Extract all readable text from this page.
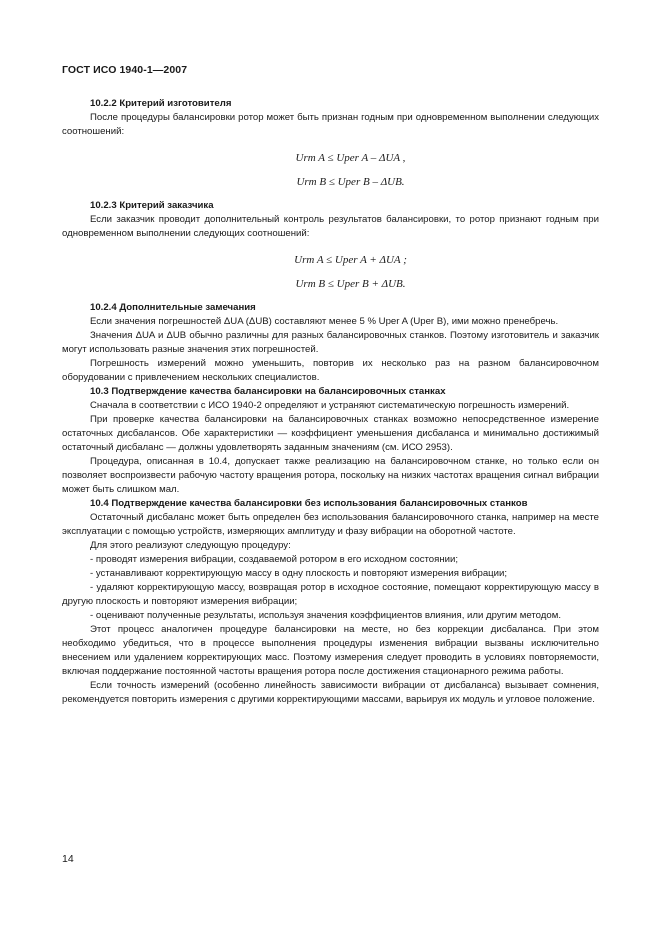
ГОСТ ИСО 1940-1—2007
10.2.2 Критерий изготовителя

После процедуры балансировки ротор может быть признан годным при одновременном выполнении следующих соотношений:

Urm A ≤ Uper A – ΔUA ,
Urm B ≤ Uper B – ΔUB.
10.2.3 Критерий заказчика

Если заказчик проводит дополнительный контроль результатов балансировки, то ротор признают годным при одновременном выполнении следующих соотношений:

Urm A ≤ Uper A + ΔUA ;
Urm B ≤ Uper B + ΔUB.
10.2.4 Дополнительные замечания

Если значения погрешностей ΔUA (ΔUB) составляют менее 5 % Uper A (Uper B), ими можно пренебречь.

Значения ΔUA и ΔUB обычно различны для разных балансировочных станков. Поэтому изготовитель и заказчик могут использовать разные значения этих погрешностей.

Погрешность измерений можно уменьшить, повторив их несколько раз на разном балансировочном оборудовании с привлечением нескольких специалистов.

10.3 Подтверждение качества балансировки на балансировочных станках

Сначала в соответствии с ИСО 1940-2 определяют и устраняют систематическую погрешность измерений.

При проверке качества балансировки на балансировочных станках возможно непосредственное измерение остаточных дисбалансов. Обе характеристики — коэффициент уменьшения дисбаланса и минимально достижимый остаточный дисбаланс — должны удовлетворять заданным значениям (см. ИСО 2953).

Процедура, описанная в 10.4, допускает также реализацию на балансировочном станке, но только если он позволяет воспроизвести рабочую частоту вращения ротора, поскольку на низких частотах вращения сигнал вибрации может быть слишком мал.

10.4 Подтверждение качества балансировки без использования балансировочных станков

Остаточный дисбаланс может быть определен без использования балансировочного станка, например на месте эксплуатации с помощью устройств, измеряющих амплитуду и фазу вибрации на оборотной частоте.

Для этого реализуют следующую процедуру:

- проводят измерения вибрации, создаваемой ротором в его исходном состоянии;

- устанавливают корректирующую массу в одну плоскость и повторяют измерения вибрации;

- удаляют корректирующую массу, возвращая ротор в исходное состояние, помещают корректирующую массу в другую плоскость и повторяют измерения вибрации;

- оценивают полученные результаты, используя значения коэффициентов влияния, или другим методом.

Этот процесс аналогичен процедуре балансировки на месте, но без коррекции дисбаланса. При этом необходимо убедиться, что в процессе выполнения процедуры изменения вибрации вызваны исключительно внесением или удалением корректирующих масс. Поэтому измерения следует проводить в условиях повторяемости, включая поддержание постоянной частоты вращения ротора после достижения стационарного режима работы.

Если точность измерений (особенно линейность зависимости вибрации от дисбаланса) вызывает сомнения, рекомендуется повторить измерения с другими корректирующими массами, варьируя их модуль и угловое положение.

14
